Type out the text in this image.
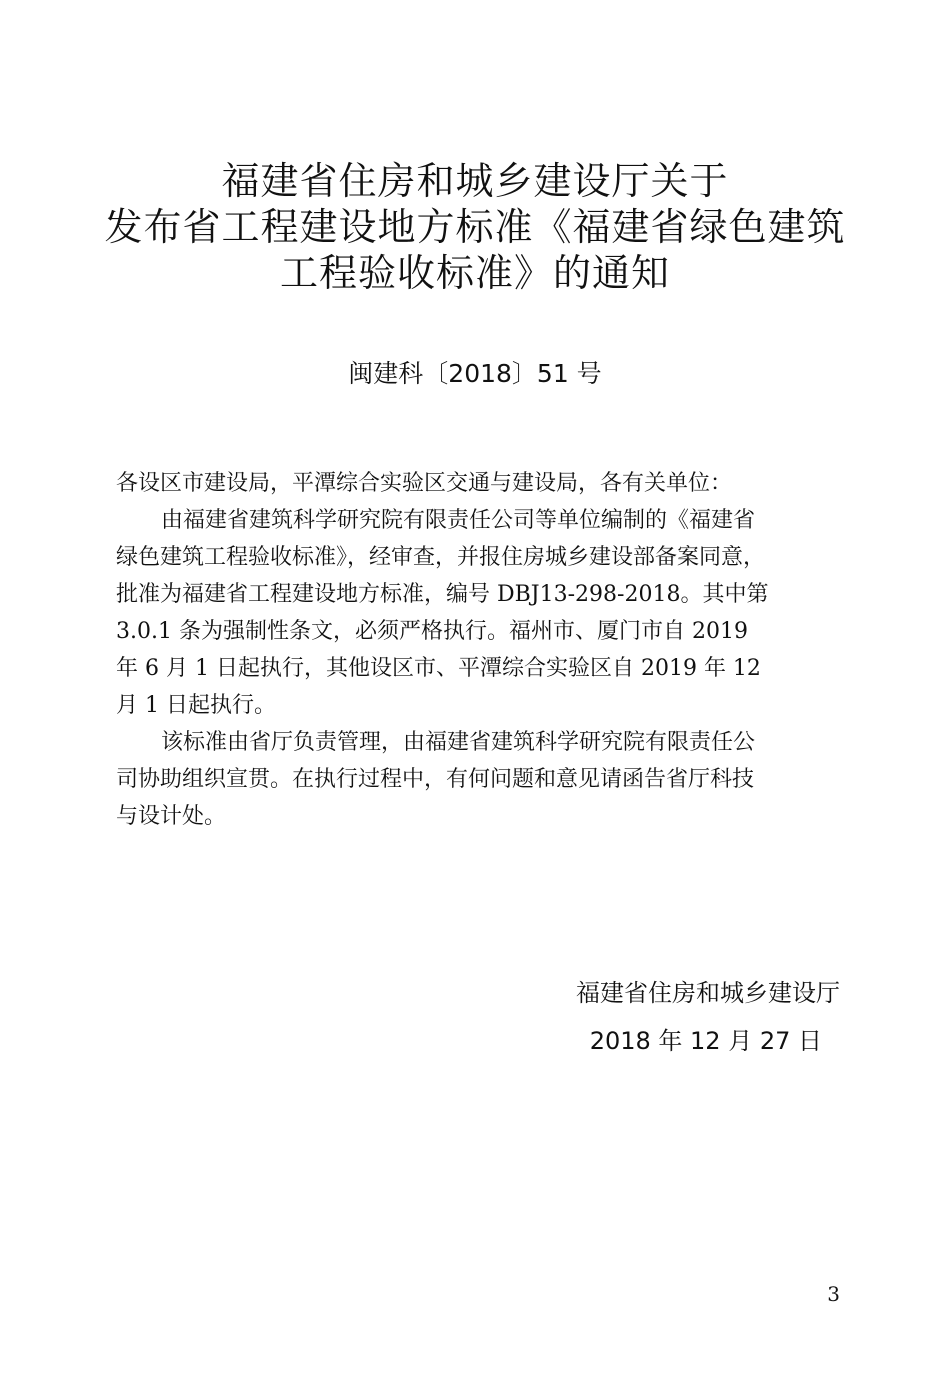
福建省住房和城乡建设厅关于
发布省工程建设地方标准《福建省绿色建筑
工程验收标准》的通知
闽建科〔2018〕51 号
各设区市建设局，平潭综合实验区交通与建设局，各有关单位：
由福建省建筑科学研究院有限责任公司等单位编制的《福建省
绿色建筑工程验收标准》，经审查，并报住房城乡建设部备案同意，
批准为福建省工程建设地方标准，编号 DBJ13-298-2018。其中第
3.0.1 条为强制性条文，必须严格执行。福州市、厦门市自 2019
年 6 月 1 日起执行，其他设区市、平潭综合实验区自 2019 年 12
月 1 日起执行。
该标准由省厅负责管理，由福建省建筑科学研究院有限责任公
司协助组织宣贯。在执行过程中，有何问题和意见请函告省厅科技
与设计处。
福建省住房和城乡建设厅
2018 年 12 月 27 日
3
